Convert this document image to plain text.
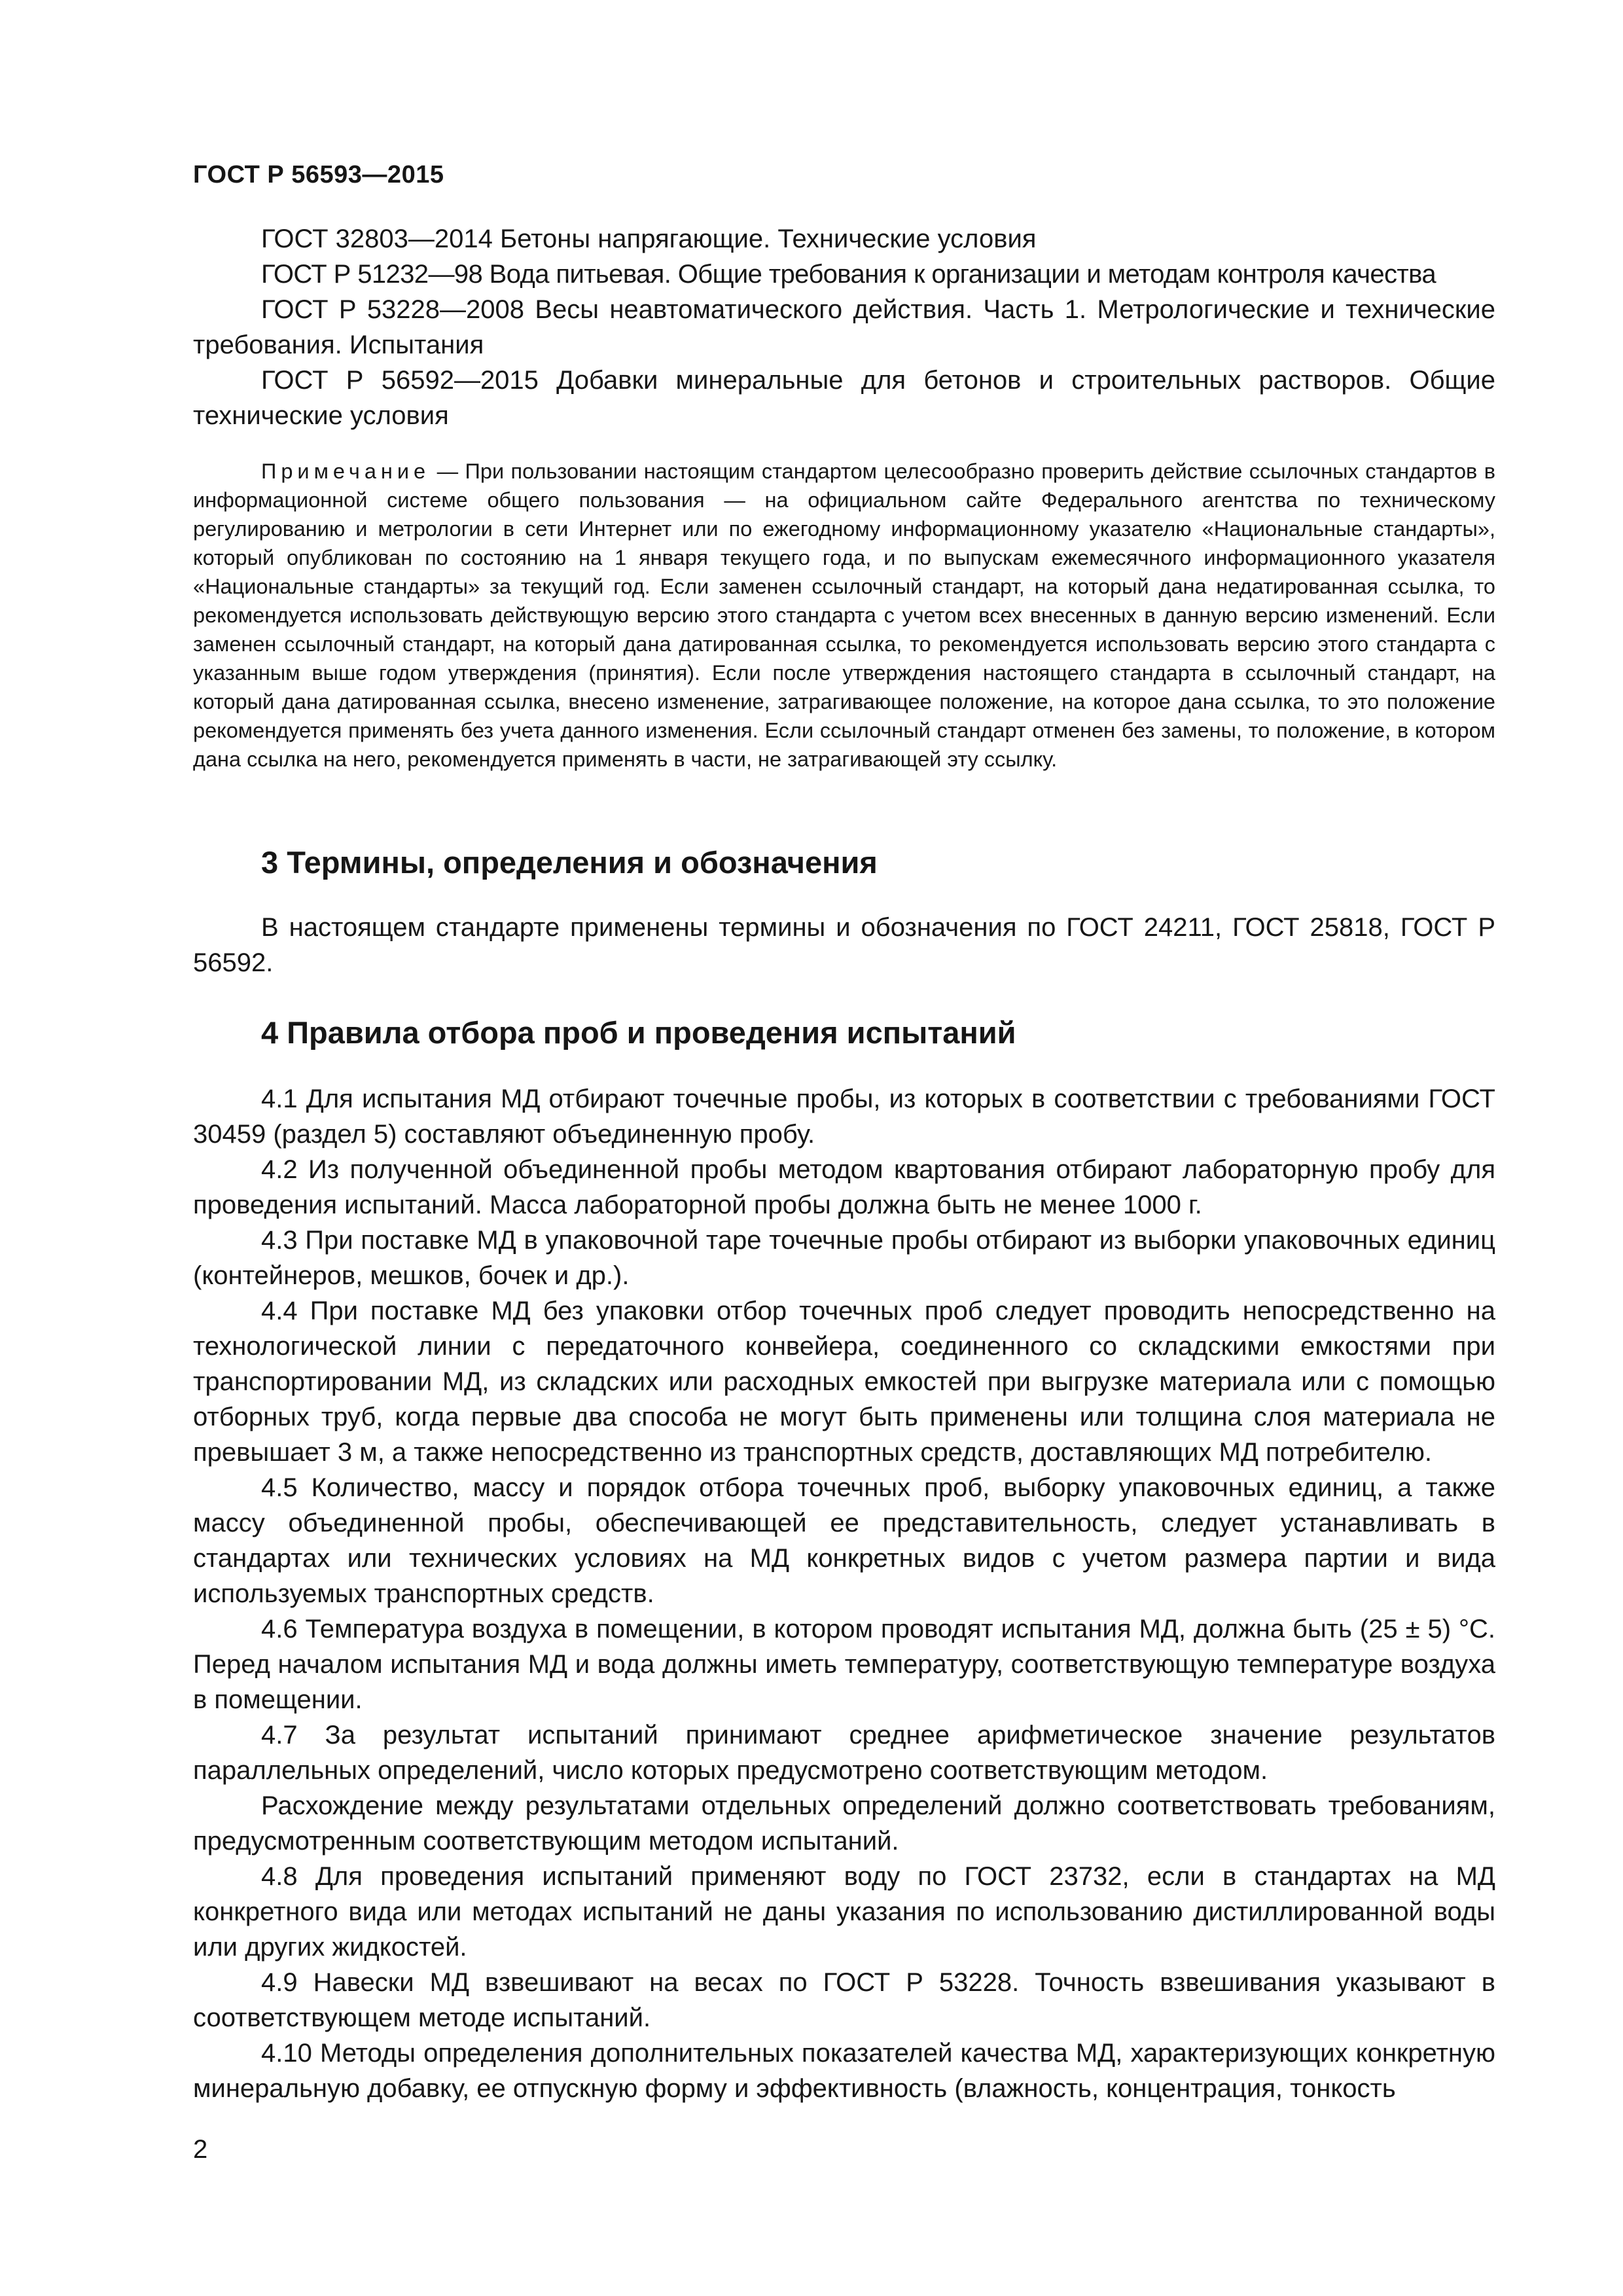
ГОСТ Р 56593—2015

ГОСТ 32803—2014 Бетоны напрягающие. Технические условия

ГОСТ Р 51232—98 Вода питьевая. Общие требования к организации и методам контроля качества

ГОСТ Р 53228—2008 Весы неавтоматического действия. Часть 1. Метрологические и технические требования. Испытания

ГОСТ Р 56592—2015 Добавки минеральные для бетонов и строительных растворов. Общие технические условия

Примечание — При пользовании настоящим стандартом целесообразно проверить действие ссылочных стандартов в информационной системе общего пользования — на официальном сайте Федерального агентства по техническому регулированию и метрологии в сети Интернет или по ежегодному информационному указателю «Национальные стандарты», который опубликован по состоянию на 1 января текущего года, и по выпускам ежемесячного информационного указателя «Национальные стандарты» за текущий год. Если заменен ссылочный стандарт, на который дана недатированная ссылка, то рекомендуется использовать действующую версию этого стандарта с учетом всех внесенных в данную версию изменений. Если заменен ссылочный стандарт, на который дана датированная ссылка, то рекомендуется использовать версию этого стандарта с указанным выше годом утверждения (принятия). Если после утверждения настоящего стандарта в ссылочный стандарт, на который дана датированная ссылка, внесено изменение, затрагивающее положение, на которое дана ссылка, то это положение рекомендуется применять без учета данного изменения. Если ссылочный стандарт отменен без замены, то положение, в котором дана ссылка на него, рекомендуется применять в части, не затрагивающей эту ссылку.

3 Термины, определения и обозначения

В настоящем стандарте применены термины и обозначения по ГОСТ 24211, ГОСТ 25818, ГОСТ Р 56592.

4 Правила отбора проб и проведения испытаний

4.1 Для испытания МД отбирают точечные пробы, из которых в соответствии с требованиями ГОСТ 30459 (раздел 5) составляют объединенную пробу.

4.2 Из полученной объединенной пробы методом квартования отбирают лабораторную пробу для проведения испытаний. Масса лабораторной пробы должна быть не менее 1000 г.

4.3 При поставке МД в упаковочной таре точечные пробы отбирают из выборки упаковочных единиц (контейнеров, мешков, бочек и др.).

4.4 При поставке МД без упаковки отбор точечных проб следует проводить непосредственно на технологической линии с передаточного конвейера, соединенного со складскими емкостями при транспортировании МД, из складских или расходных емкостей при выгрузке материала или с помощью отборных труб, когда первые два способа не могут быть применены или толщина слоя материала не превышает 3 м, а также непосредственно из транспортных средств, доставляющих МД потребителю.

4.5 Количество, массу и порядок отбора точечных проб, выборку упаковочных единиц, а также массу объединенной пробы, обеспечивающей ее представительность, следует устанавливать в стандартах или технических условиях на МД конкретных видов с учетом размера партии и вида используемых транспортных средств.

4.6 Температура воздуха в помещении, в котором проводят испытания МД, должна быть (25 ± 5) °С. Перед началом испытания МД и вода должны иметь температуру, соответствующую температуре воздуха в помещении.

4.7 За результат испытаний принимают среднее арифметическое значение результатов параллельных определений, число которых предусмотрено соответствующим методом.

Расхождение между результатами отдельных определений должно соответствовать требованиям, предусмотренным соответствующим методом испытаний.

4.8 Для проведения испытаний применяют воду по ГОСТ 23732, если в стандартах на МД конкретного вида или методах испытаний не даны указания по использованию дистиллированной воды или других жидкостей.

4.9 Навески МД взвешивают на весах по ГОСТ Р 53228. Точность взвешивания указывают в соответствующем методе испытаний.

4.10 Методы определения дополнительных показателей качества МД, характеризующих конкретную минеральную добавку, ее отпускную форму и эффективность (влажность, концентрация, тонкость

2
